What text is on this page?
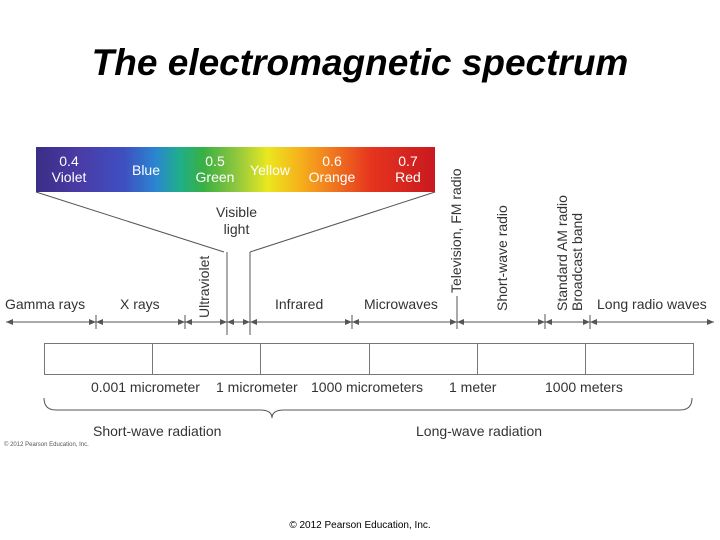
The electromagnetic spectrum
0.4
Violet	Blue
0.5
Green	Yellow
0.6
Orange
0.7
Red
Visible
light
Gamma rays X rays	Ultraviolet	Infrared	Microwaves
Television, FM radio Short-wave radio	Standard AM radio Broadcast band Long radio waves
0.001 micrometer 1 micrometer 1000 micrometers 1 meter	1000 meters
Short-wave radiation	Long-wave radiation
© 2012 Pearson Education, Inc.
© 2012 Pearson Education, Inc.
